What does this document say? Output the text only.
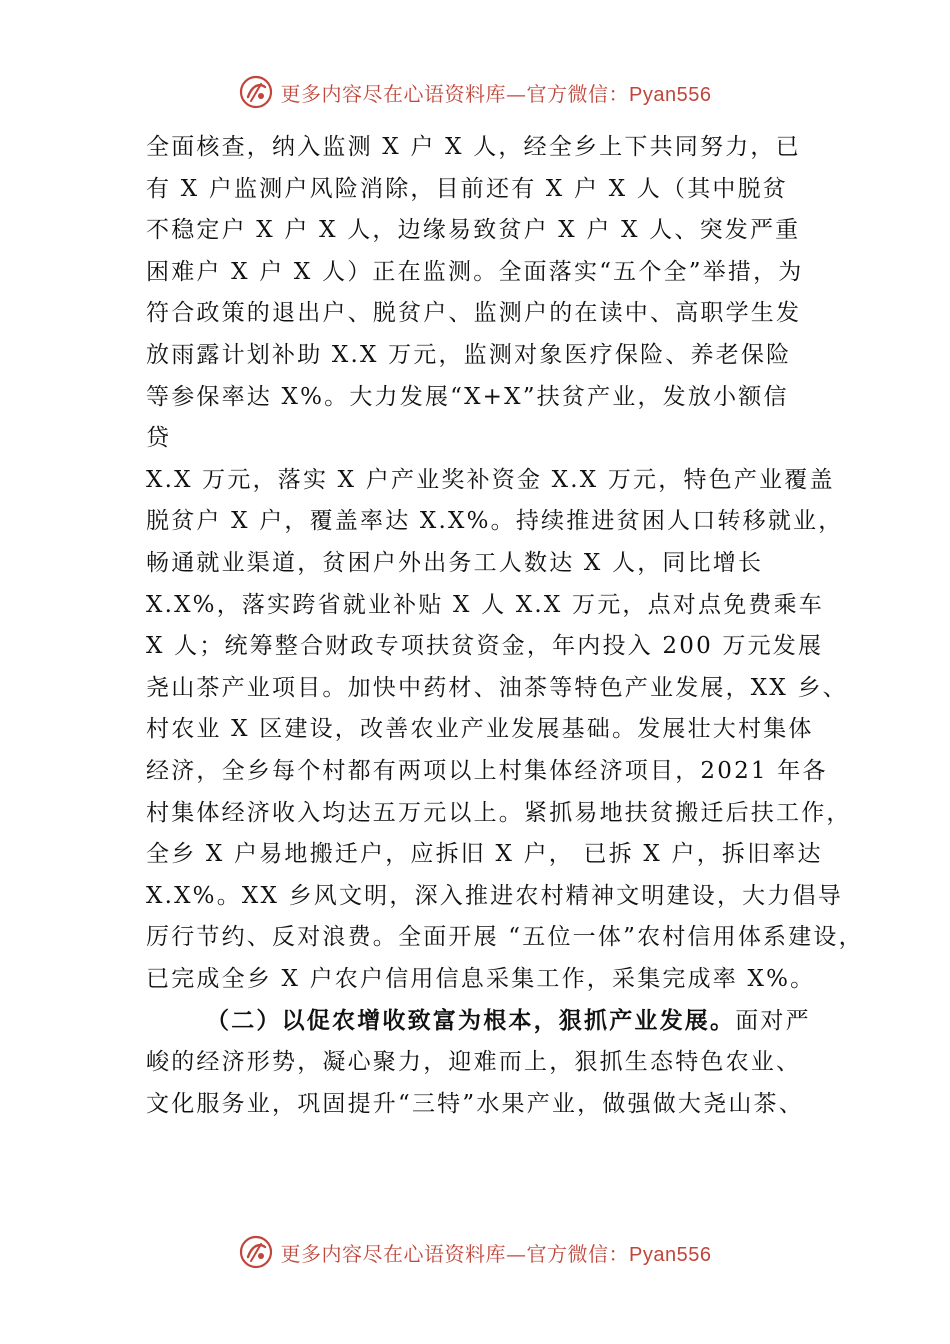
更多内容尽在心语资料库—官方微信：Pyan556
全面核查，纳入监测 X 户 X 人，经全乡上下共同努力，已
有 X 户监测户风险消除，目前还有 X 户 X 人（其中脱贫
不稳定户 X 户 X 人，边缘易致贫户 X 户 X 人、突发严重
困难户 X 户 X 人）正在监测。全面落实“五个全”举措，为
符合政策的退出户、脱贫户、监测户的在读中、高职学生发
放雨露计划补助 X.X 万元，监测对象医疗保险、养老保险
等参保率达 X%。大力发展“X+X”扶贫产业，发放小额信
贷
X.X 万元，落实 X 户产业奖补资金 X.X 万元，特色产业覆盖
脱贫户 X 户，覆盖率达 X.X%。持续推进贫困人口转移就业，
畅通就业渠道，贫困户外出务工人数达 X 人，同比增长
X.X%，落实跨省就业补贴 X 人 X.X 万元，点对点免费乘车
X 人；统筹整合财政专项扶贫资金，年内投入 200 万元发展
尧山茶产业项目。加快中药材、油茶等特色产业发展，XX 乡、
村农业 X 区建设，改善农业产业发展基础。发展壮大村集体
经济，全乡每个村都有两项以上村集体经济项目，2021 年各
村集体经济收入均达五万元以上。紧抓易地扶贫搬迁后扶工作，
全乡 X 户易地搬迁户，应拆旧 X 户， 已拆 X 户，拆旧率达
X.X%。XX 乡风文明，深入推进农村精神文明建设，大力倡导
厉行节约、反对浪费。全面开展 “五位一体”农村信用体系建设，
已完成全乡 X 户农户信用信息采集工作，采集完成率 X%。
（二）以促农增收致富为根本，狠抓产业发展。面对严
峻的经济形势，凝心聚力，迎难而上，狠抓生态特色农业、
文化服务业，巩固提升“三特”水果产业，做强做大尧山茶、
更多内容尽在心语资料库—官方微信：Pyan556
